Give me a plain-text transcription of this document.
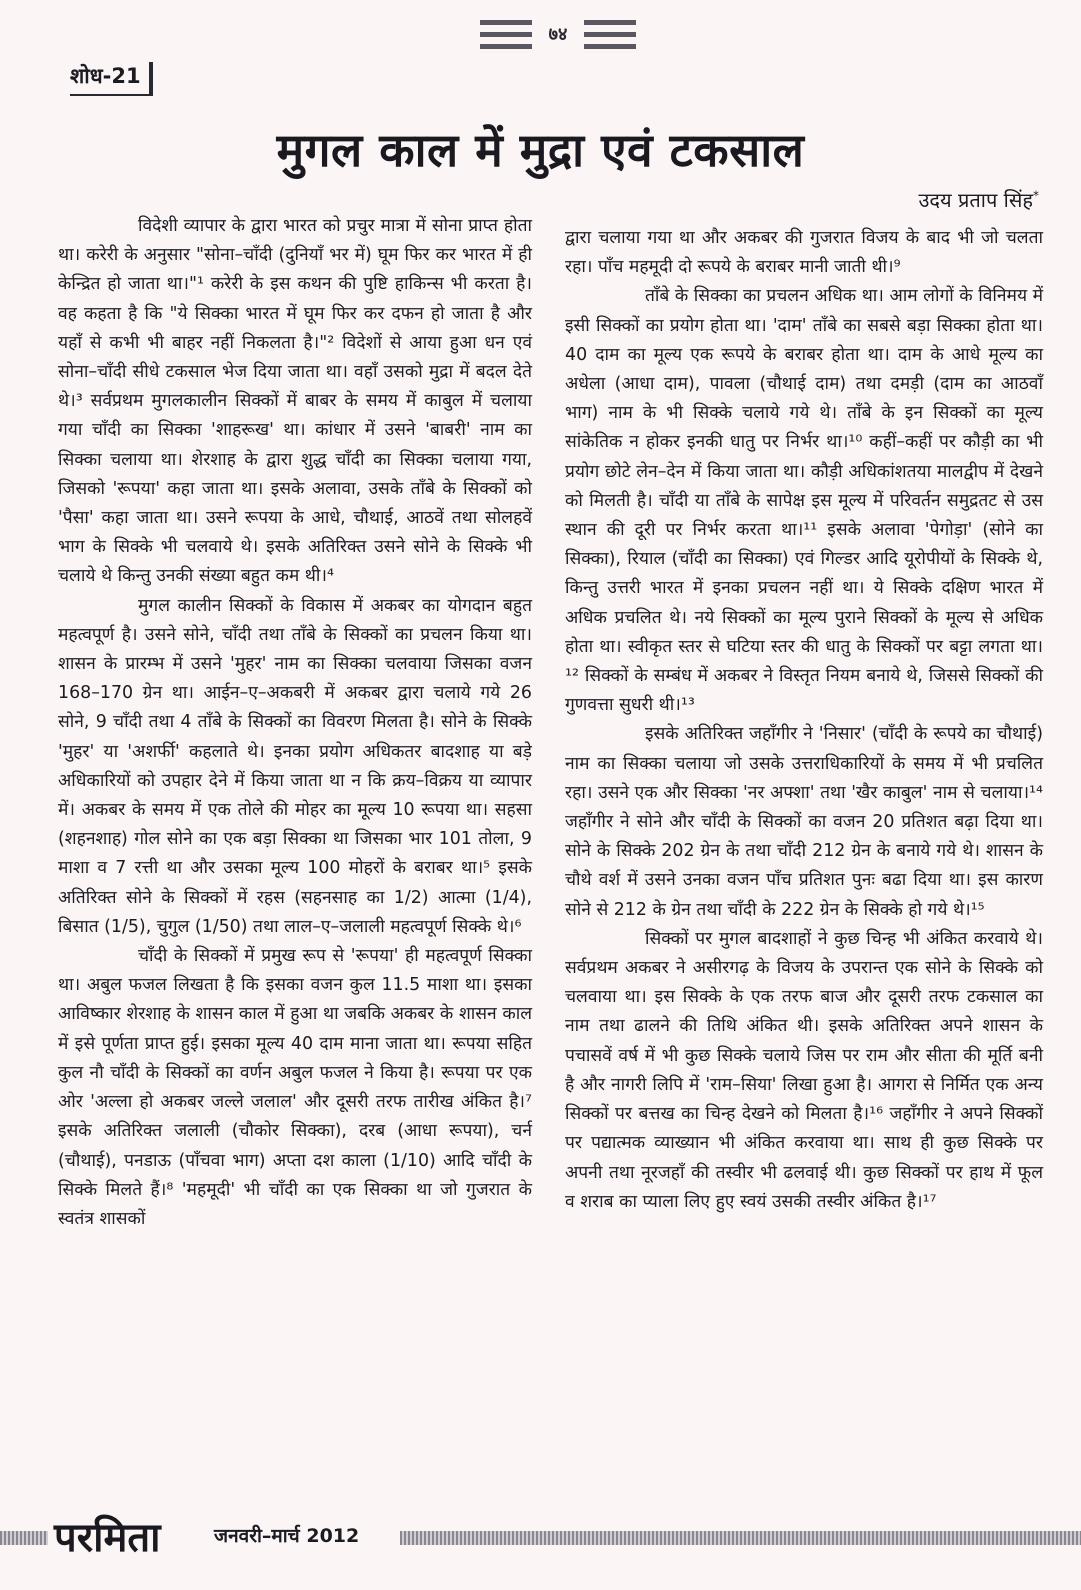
७४
शोध-21
मुगल काल में मुद्रा एवं टकसाल
उदय प्रताप सिंह*

विदेशी व्यापार के द्वारा भारत को प्रचुर मात्रा में सोना प्राप्त होता था। करेरी के अनुसार "सोना–चाँदी (दुनियाँ भर में) घूम फिर कर भारत में ही केन्द्रित हो जाता था।"¹ करेरी के इस कथन की पुष्टि हाकिन्स भी करता है। वह कहता है कि "ये सिक्का भारत में घूम फिर कर दफन हो जाता है और यहाँ से कभी भी बाहर नहीं निकलता है।"² विदेशों से आया हुआ धन एवं सोना–चाँदी सीधे टकसाल भेज दिया जाता था। वहाँ उसको मुद्रा में बदल देते थे।³ सर्वप्रथम मुगलकालीन सिक्कों में बाबर के समय में काबुल में चलाया गया चाँदी का सिक्का 'शाहरूख' था। कांधार में उसने 'बाबरी' नाम का सिक्का चलाया था। शेरशाह के द्वारा शुद्ध चाँदी का सिक्का चलाया गया, जिसको 'रूपया' कहा जाता था। इसके अलावा, उसके ताँबे के सिक्कों को 'पैसा' कहा जाता था। उसने रूपया के आधे, चौथाई, आठवें तथा सोलहवें भाग के सिक्के भी चलवाये थे। इसके अतिरिक्त उसने सोने के सिक्के भी चलाये थे किन्तु उनकी संख्या बहुत कम थी।⁴

मुगल कालीन सिक्कों के विकास में अकबर का योगदान बहुत महत्वपूर्ण है। उसने सोने, चाँदी तथा ताँबे के सिक्कों का प्रचलन किया था। शासन के प्रारम्भ में उसने 'मुहर' नाम का सिक्का चलवाया जिसका वजन 168–170 ग्रेन था। आईन–ए–अकबरी में अकबर द्वारा चलाये गये 26 सोने, 9 चाँदी तथा 4 ताँबे के सिक्कों का विवरण मिलता है। सोने के सिक्के 'मुहर' या 'अशर्फी' कहलाते थे। इनका प्रयोग अधिकतर बादशाह या बड़े अधिकारियों को उपहार देने में किया जाता था न कि क्रय–विक्रय या व्यापार में। अकबर के समय में एक तोले की मोहर का मूल्य 10 रूपया था। सहसा (शहनशाह) गोल सोने का एक बड़ा सिक्का था जिसका भार 101 तोला, 9 माशा व 7 रत्ती था और उसका मूल्य 100 मोहरों के बराबर था।⁵ इसके अतिरिक्त सोने के सिक्कों में रहस (सहनसाह का 1/2) आत्मा (1/4), बिसात (1/5), चुगुल (1/50) तथा लाल–ए–जलाली महत्वपूर्ण सिक्के थे।⁶

चाँदी के सिक्कों में प्रमुख रूप से 'रूपया' ही महत्वपूर्ण सिक्का था। अबुल फजल लिखता है कि इसका वजन कुल 11.5 माशा था। इसका आविष्कार शेरशाह के शासन काल में हुआ था जबकि अकबर के शासन काल में इसे पूर्णता प्राप्त हुई। इसका मूल्य 40 दाम माना जाता था। रूपया सहित कुल नौ चाँदी के सिक्कों का वर्णन अबुल फजल ने किया है। रूपया पर एक ओर 'अल्ला हो अकबर जल्ले जलाल' और दूसरी तरफ तारीख अंकित है।⁷ इसके अतिरिक्त जलाली (चौकोर सिक्का), दरब (आधा रूपया), चर्न (चौथाई), पनडाऊ (पाँचवा भाग) अप्ता दश काला (1/10) आदि चाँदी के सिक्के मिलते हैं।⁸ 'महमूदी' भी चाँदी का एक सिक्का था जो गुजरात के स्वतंत्र शासकों

द्वारा चलाया गया था और अकबर की गुजरात विजय के बाद भी जो चलता रहा। पाँच महमूदी दो रूपये के बराबर मानी जाती थी।⁹

ताँबे के सिक्का का प्रचलन अधिक था। आम लोगों के विनिमय में इसी सिक्कों का प्रयोग होता था। 'दाम' ताँबे का सबसे बड़ा सिक्का होता था। 40 दाम का मूल्य एक रूपये के बराबर होता था। दाम के आधे मूल्य का अधेला (आधा दाम), पावला (चौथाई दाम) तथा दमड़ी (दाम का आठवाँ भाग) नाम के भी सिक्के चलाये गये थे। ताँबे के इन सिक्कों का मूल्य सांकेतिक न होकर इनकी धातु पर निर्भर था।¹⁰ कहीं–कहीं पर कौड़ी का भी प्रयोग छोटे लेन–देन में किया जाता था। कौड़ी अधिकांशतया मालद्वीप में देखने को मिलती है। चाँदी या ताँबे के सापेक्ष इस मूल्य में परिवर्तन समुद्रतट से उस स्थान की दूरी पर निर्भर करता था।¹¹ इसके अलावा 'पेगोड़ा' (सोने का सिक्का), रियाल (चाँदी का सिक्का) एवं गिल्डर आदि यूरोपीयों के सिक्के थे, किन्तु उत्तरी भारत में इनका प्रचलन नहीं था। ये सिक्के दक्षिण भारत में अधिक प्रचलित थे। नये सिक्कों का मूल्य पुराने सिक्कों के मूल्य से अधिक होता था। स्वीकृत स्तर से घटिया स्तर की धातु के सिक्कों पर बट्टा लगता था।¹² सिक्कों के सम्बंध में अकबर ने विस्तृत नियम बनाये थे, जिससे सिक्कों की गुणवत्ता सुधरी थी।¹³

इसके अतिरिक्त जहाँगीर ने 'निसार' (चाँदी के रूपये का चौथाई) नाम का सिक्का चलाया जो उसके उत्तराधिकारियों के समय में भी प्रचलित रहा। उसने एक और सिक्का 'नर अफ्शा' तथा 'खैर काबुल' नाम से चलाया।¹⁴ जहाँगीर ने सोने और चाँदी के सिक्कों का वजन 20 प्रतिशत बढ़ा दिया था। सोने के सिक्के 202 ग्रेन के तथा चाँदी 212 ग्रेन के बनाये गये थे। शासन के चौथे वर्श में उसने उनका वजन पाँच प्रतिशत पुनः बढा दिया था। इस कारण सोने से 212 के ग्रेन तथा चाँदी के 222 ग्रेन के सिक्के हो गये थे।¹⁵

सिक्कों पर मुगल बादशाहों ने कुछ चिन्ह भी अंकित करवाये थे। सर्वप्रथम अकबर ने असीरगढ़ के विजय के उपरान्त एक सोने के सिक्के को चलवाया था। इस सिक्के के एक तरफ बाज और दूसरी तरफ टकसाल का नाम तथा ढालने की तिथि अंकित थी। इसके अतिरिक्त अपने शासन के पचासवें वर्ष में भी कुछ सिक्के चलाये जिस पर राम और सीता की मूर्ति बनी है और नागरी लिपि में 'राम–सिया' लिखा हुआ है। आगरा से निर्मित एक अन्य सिक्कों पर बत्तख का चिन्ह देखने को मिलता है।¹⁶ जहाँगीर ने अपने सिक्कों पर पद्यात्मक व्याख्यान भी अंकित करवाया था। साथ ही कुछ सिक्के पर अपनी तथा नूरजहाँ की तस्वीर भी ढलवाई थी। कुछ सिक्कों पर हाथ में फूल व शराब का प्याला लिए हुए स्वयं उसकी तस्वीर अंकित है।¹⁷

परमिता	जनवरी–मार्च 2012
